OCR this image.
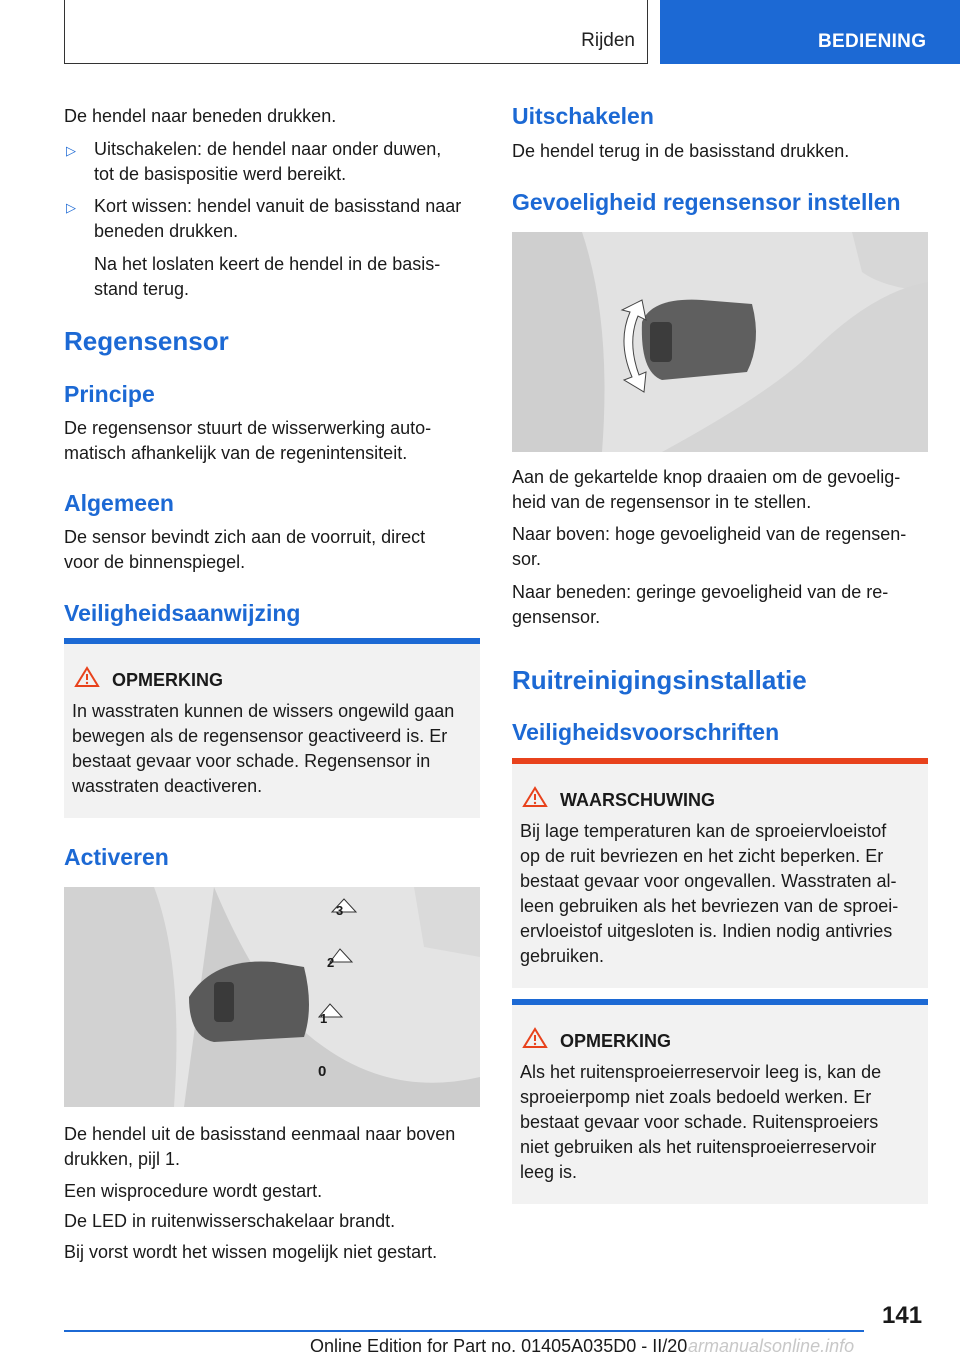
Rijden	BEDIENING
De hendel naar beneden drukken.
▷ Uitschakelen: de hendel naar onder duwen,
tot de basispositie werd bereikt.
▷ Kort wissen: hendel vanuit de basisstand naar
beneden drukken.
Na het loslaten keert de hendel in de basis-
stand terug.
Regensensor
Principe
De regensensor stuurt de wisserwerking auto-
matisch afhankelijk van de regenintensiteit.
Algemeen
De sensor bevindt zich aan de voorruit, direct
voor de binnenspiegel.
Veiligheidsaanwijzing
OPMERKING
In wasstraten kunnen de wissers ongewild gaan
bewegen als de regensensor geactiveerd is. Er
bestaat gevaar voor schade. Regensensor in
wasstraten deactiveren.
Activeren
3
2
1
0
De hendel uit de basisstand eenmaal naar boven
drukken, pijl 1.
Een wisprocedure wordt gestart.
De LED in ruitenwisserschakelaar brandt.
Bij vorst wordt het wissen mogelijk niet gestart.
Uitschakelen
De hendel terug in de basisstand drukken.
Gevoeligheid regensensor instellen
Aan de gekartelde knop draaien om de gevoelig-
heid van de regensensor in te stellen.
Naar boven: hoge gevoeligheid van de regensen-
sor.
Naar beneden: geringe gevoeligheid van de re-
gensensor.
Ruitreinigingsinstallatie
Veiligheidsvoorschriften
WAARSCHUWING
Bij lage temperaturen kan de sproeiervloeistof
op de ruit bevriezen en het zicht beperken. Er
bestaat gevaar voor ongevallen. Wasstraten al-
leen gebruiken als het bevriezen van de sproei-
ervloeistof uitgesloten is. Indien nodig antivries
gebruiken.
OPMERKING
Als het ruitensproeierreservoir leeg is, kan de
sproeierpomp niet zoals bedoeld werken. Er
bestaat gevaar voor schade. Ruitensproeiers
niet gebruiken als het ruitensproeierreservoir
leeg is.
141
Online Edition for Part no. 01405A035D0 - II/20 armanualsonline.info
